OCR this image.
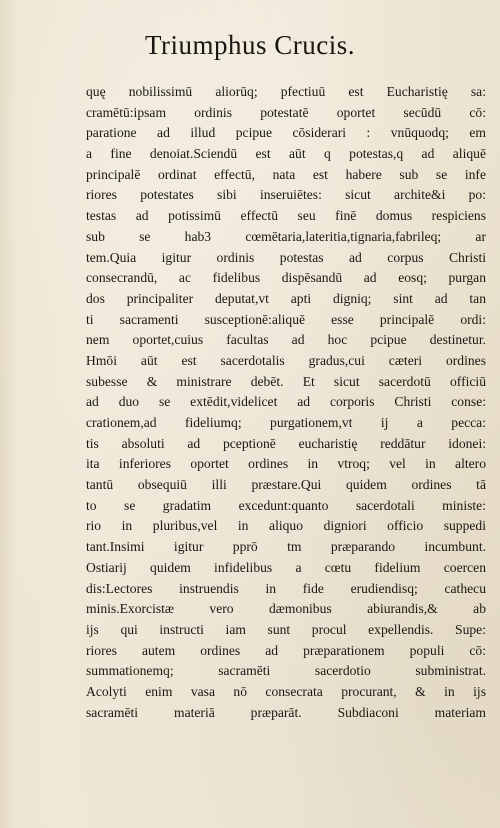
Triumphus Crucis.
quę nobilissimū aliorūq; pfectiuū est Eucharistię sa:
cramētū:ipsam ordinis potestatē oportet secūdū cō:
paratione ad illud pcipue cōsiderari : vnūquodq; em
a fine denoiat.Sciendū est aūt q potestas,q ad aliquē
principalē ordinat effectū, nata est habere sub se infe
riores potestates sibi inseruiētes: sicut archite&i po:
testas ad potissimū effectū seu finē domus respiciens
sub se hab3 cœmētaria,lateritia,tignaria,fabrileq; ar
tem.Quia igitur ordinis potestas ad corpus Christi
consecrandū, ac fidelibus dispēsandū ad eosq; purgan
dos principaliter deputat,vt apti digniq; sint ad tan
ti sacramenti susceptionē:aliquē esse principalē ordi:
nem oportet,cuius facultas ad hoc pcipue destinetur.
Hmōi aūt est sacerdotalis gradus,cui cæteri ordines
subesse & ministrare debēt. Et sicut sacerdotū officiū
ad duo se extēdit,videlicet ad corporis Christi conse:
crationem,ad fideliumq; purgationem,vt ij a pecca:
tis absoluti ad pceptionē eucharistię reddātur idonei:
ita inferiores oportet ordines in vtroq; vel in altero
tantū obsequiū illi præstare.Qui quidem ordines tā
to se gradatim excedunt:quanto sacerdotali ministe:
rio in pluribus,vel in aliquo digniori officio suppedi
tant.Insimi igitur pprō tm præparando incumbunt.
Ostiarij quidem infidelibus a cœtu fidelium coercen
dis:Lectores instruendis in fide erudiendisq; cathecu
minis.Exorcistæ vero dæmonibus abiurandis,& ab
ijs qui instructi iam sunt procul expellendis. Supe:
riores autem ordines ad præparationem populi cō:
summationemq; sacramēti sacerdotio subministrat.
Acolyti enim vasa nō consecrata procurant, & in ijs
sacramēti materiā præparāt. Subdiaconi materiam
